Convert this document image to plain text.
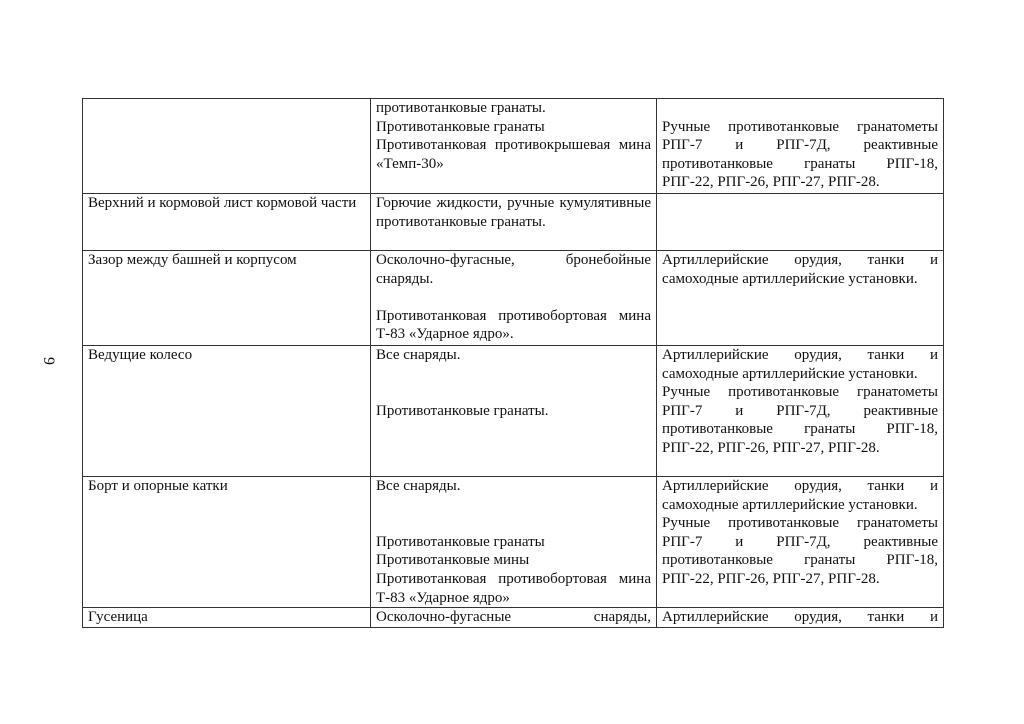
9

	противотанковые гранаты.
Противотанковые гранаты
Противотанковая противокрышевая мина «Темп-30»	Ручные противотанковые гранатометы РПГ-7 и РПГ-7Д, реактивные противотанковые гранаты РПГ-18, РПГ-22, РПГ-26, РПГ-27, РПГ-28.

Верхний и кормовой лист кормовой части	Горючие жидкости, ручные кумулятивные противотанковые гранаты.	

Зазор между башней и корпусом	Осколочно-фугасные, бронебойные снаряды.
Противотанковая противобортовая мина Т-83 «Ударное ядро».	Артиллерийские орудия, танки и самоходные артиллерийские установки.

Ведущие колесо	Все снаряды.
Противотанковые гранаты.	Артиллерийские орудия, танки и самоходные артиллерийские установки.
Ручные противотанковые гранатометы РПГ-7 и РПГ-7Д, реактивные противотанковые гранаты РПГ-18, РПГ-22, РПГ-26, РПГ-27, РПГ-28.

Борт и опорные катки	Все снаряды.
Противотанковые гранаты
Противотанковые мины
Противотанковая противобортовая мина Т-83 «Ударное ядро»	Артиллерийские орудия, танки и самоходные артиллерийские установки.
Ручные противотанковые гранатометы РПГ-7 и РПГ-7Д, реактивные противотанковые гранаты РПГ-18, РПГ-22, РПГ-26, РПГ-27, РПГ-28.

Гусеница	Осколочно-фугасные снаряды,	Артиллерийские орудия, танки и
